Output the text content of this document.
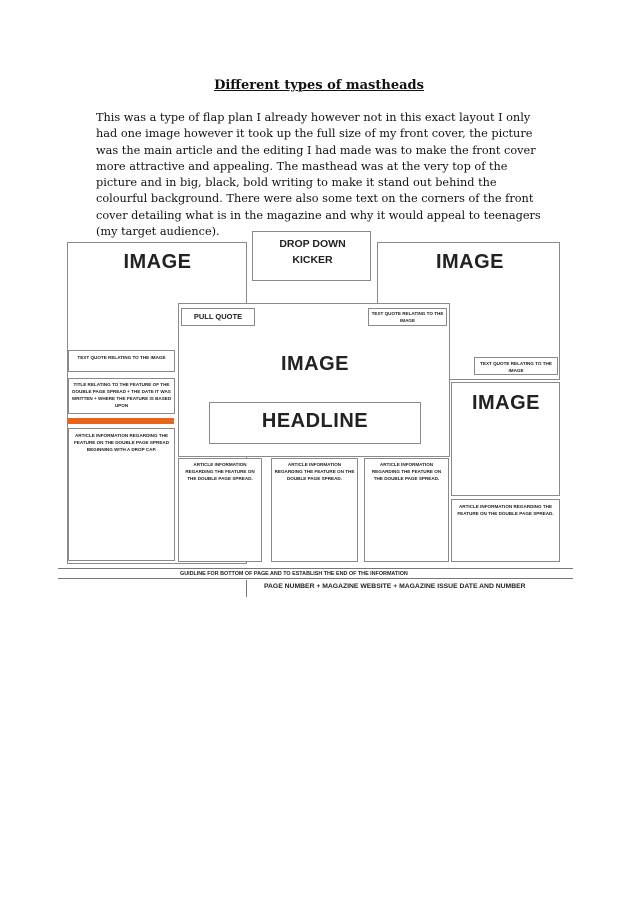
Different types of mastheads
This was a type of flap plan I already however not in this exact layout I only had one image however it took up the full size of my front cover, the picture was the main article and the editing I had made was to make the front cover more attractive and appealing. The masthead was at the very top of the picture and in big, black, bold writing to make it stand out behind the colourful background. There were also some text on the corners of the front cover detailing what is in the magazine and why it would appeal to teenagers (my target audience).
IMAGE
DROP DOWN KICKER	IMAGE
TEXT QUOTE RELATING TO THE IMAGE
TITLE RELATING TO THE FEATURE OF THE DOUBLE PAGE SPREAD + THE DATE IT WAS WRITTEN + WHERE THE FEATURE IS BASED UPON
ARTICLE INFORMATION REGARDING THE FEATURE ON THE DOUBLE PAGE SPREAD BEGINNING WITH A DROP CAP.
PULL QUOTE	TEXT QUOTE RELATING TO THE IMAGE
IMAGE
HEADLINE
TEXT QUOTE RELATING TO THE IMAGE
IMAGE
ARTICLE INFORMATION REGARDING THE FEATURE ON THE DOUBLE PAGE SPREAD.
ARTICLE INFORMATION REGARDING THE FEATURE ON THE DOUBLE PAGE SPREAD.
ARTICLE INFORMATION REGARDING THE FEATURE ON THE DOUBLE PAGE SPREAD.
ARTICLE INFORMATION REGARDING THE FEATURE ON THE DOUBLE PAGE SPREAD.
GUIDLINE FOR BOTTOM OF PAGE AND TO ESTABLISH THE END OF THE INFORMATION
PAGE NUMBER + MAGAZINE WEBSITE + MAGAZINE ISSUE DATE AND NUMBER
